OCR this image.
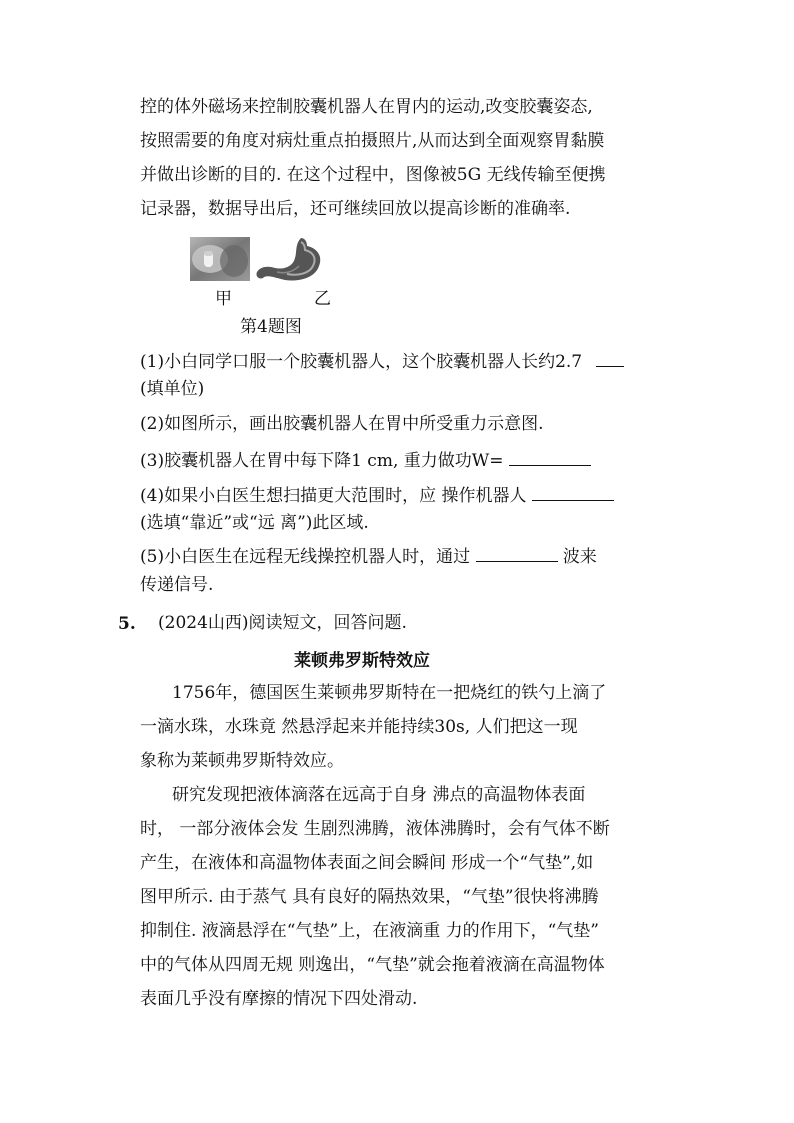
控的体外磁场来控制胶囊机器人在胃内的运动,改变胶囊姿态,
按照需要的角度对病灶重点拍摄照片,从而达到全面观察胃黏膜
并做出诊断的目的. 在这个过程中，图像被5G 无线传输至便携
记录器，数据导出后，还可继续回放以提高诊断的准确率.
甲	乙
第4题图
(1)小白同学口服一个胶囊机器人，这个胶囊机器人长约2.7
(填单位)
(2)如图所示，画出胶囊机器人在胃中所受重力示意图.
(3)胶囊机器人在胃中每下降1 cm, 重力做功W=
(4)如果小白医生想扫描更大范围时，应 操作机器人
(选填“靠近”或“远 离”)此区域.
(5)小白医生在远程无线操控机器人时，通过	波来
传递信号.
5. (2024山西)阅读短文，回答问题.
莱顿弗罗斯特效应
1756年，德国医生莱顿弗罗斯特在一把烧红的铁勺上滴了
一滴水珠，水珠竟 然悬浮起来并能持续30s, 人们把这一现
象称为莱顿弗罗斯特效应。
研究发现把液体滴落在远高于自身 沸点的高温物体表面
时， 一部分液体会发 生剧烈沸腾，液体沸腾时，会有气体不断
产生，在液体和高温物体表面之间会瞬间 形成一个“气垫”,如
图甲所示. 由于蒸气 具有良好的隔热效果，“气垫”很快将沸腾
抑制住. 液滴悬浮在“气垫”上，在液滴重 力的作用下，“气垫”
中的气体从四周无规 则逸出，“气垫”就会拖着液滴在高温物体
表面几乎没有摩擦的情况下四处滑动.
